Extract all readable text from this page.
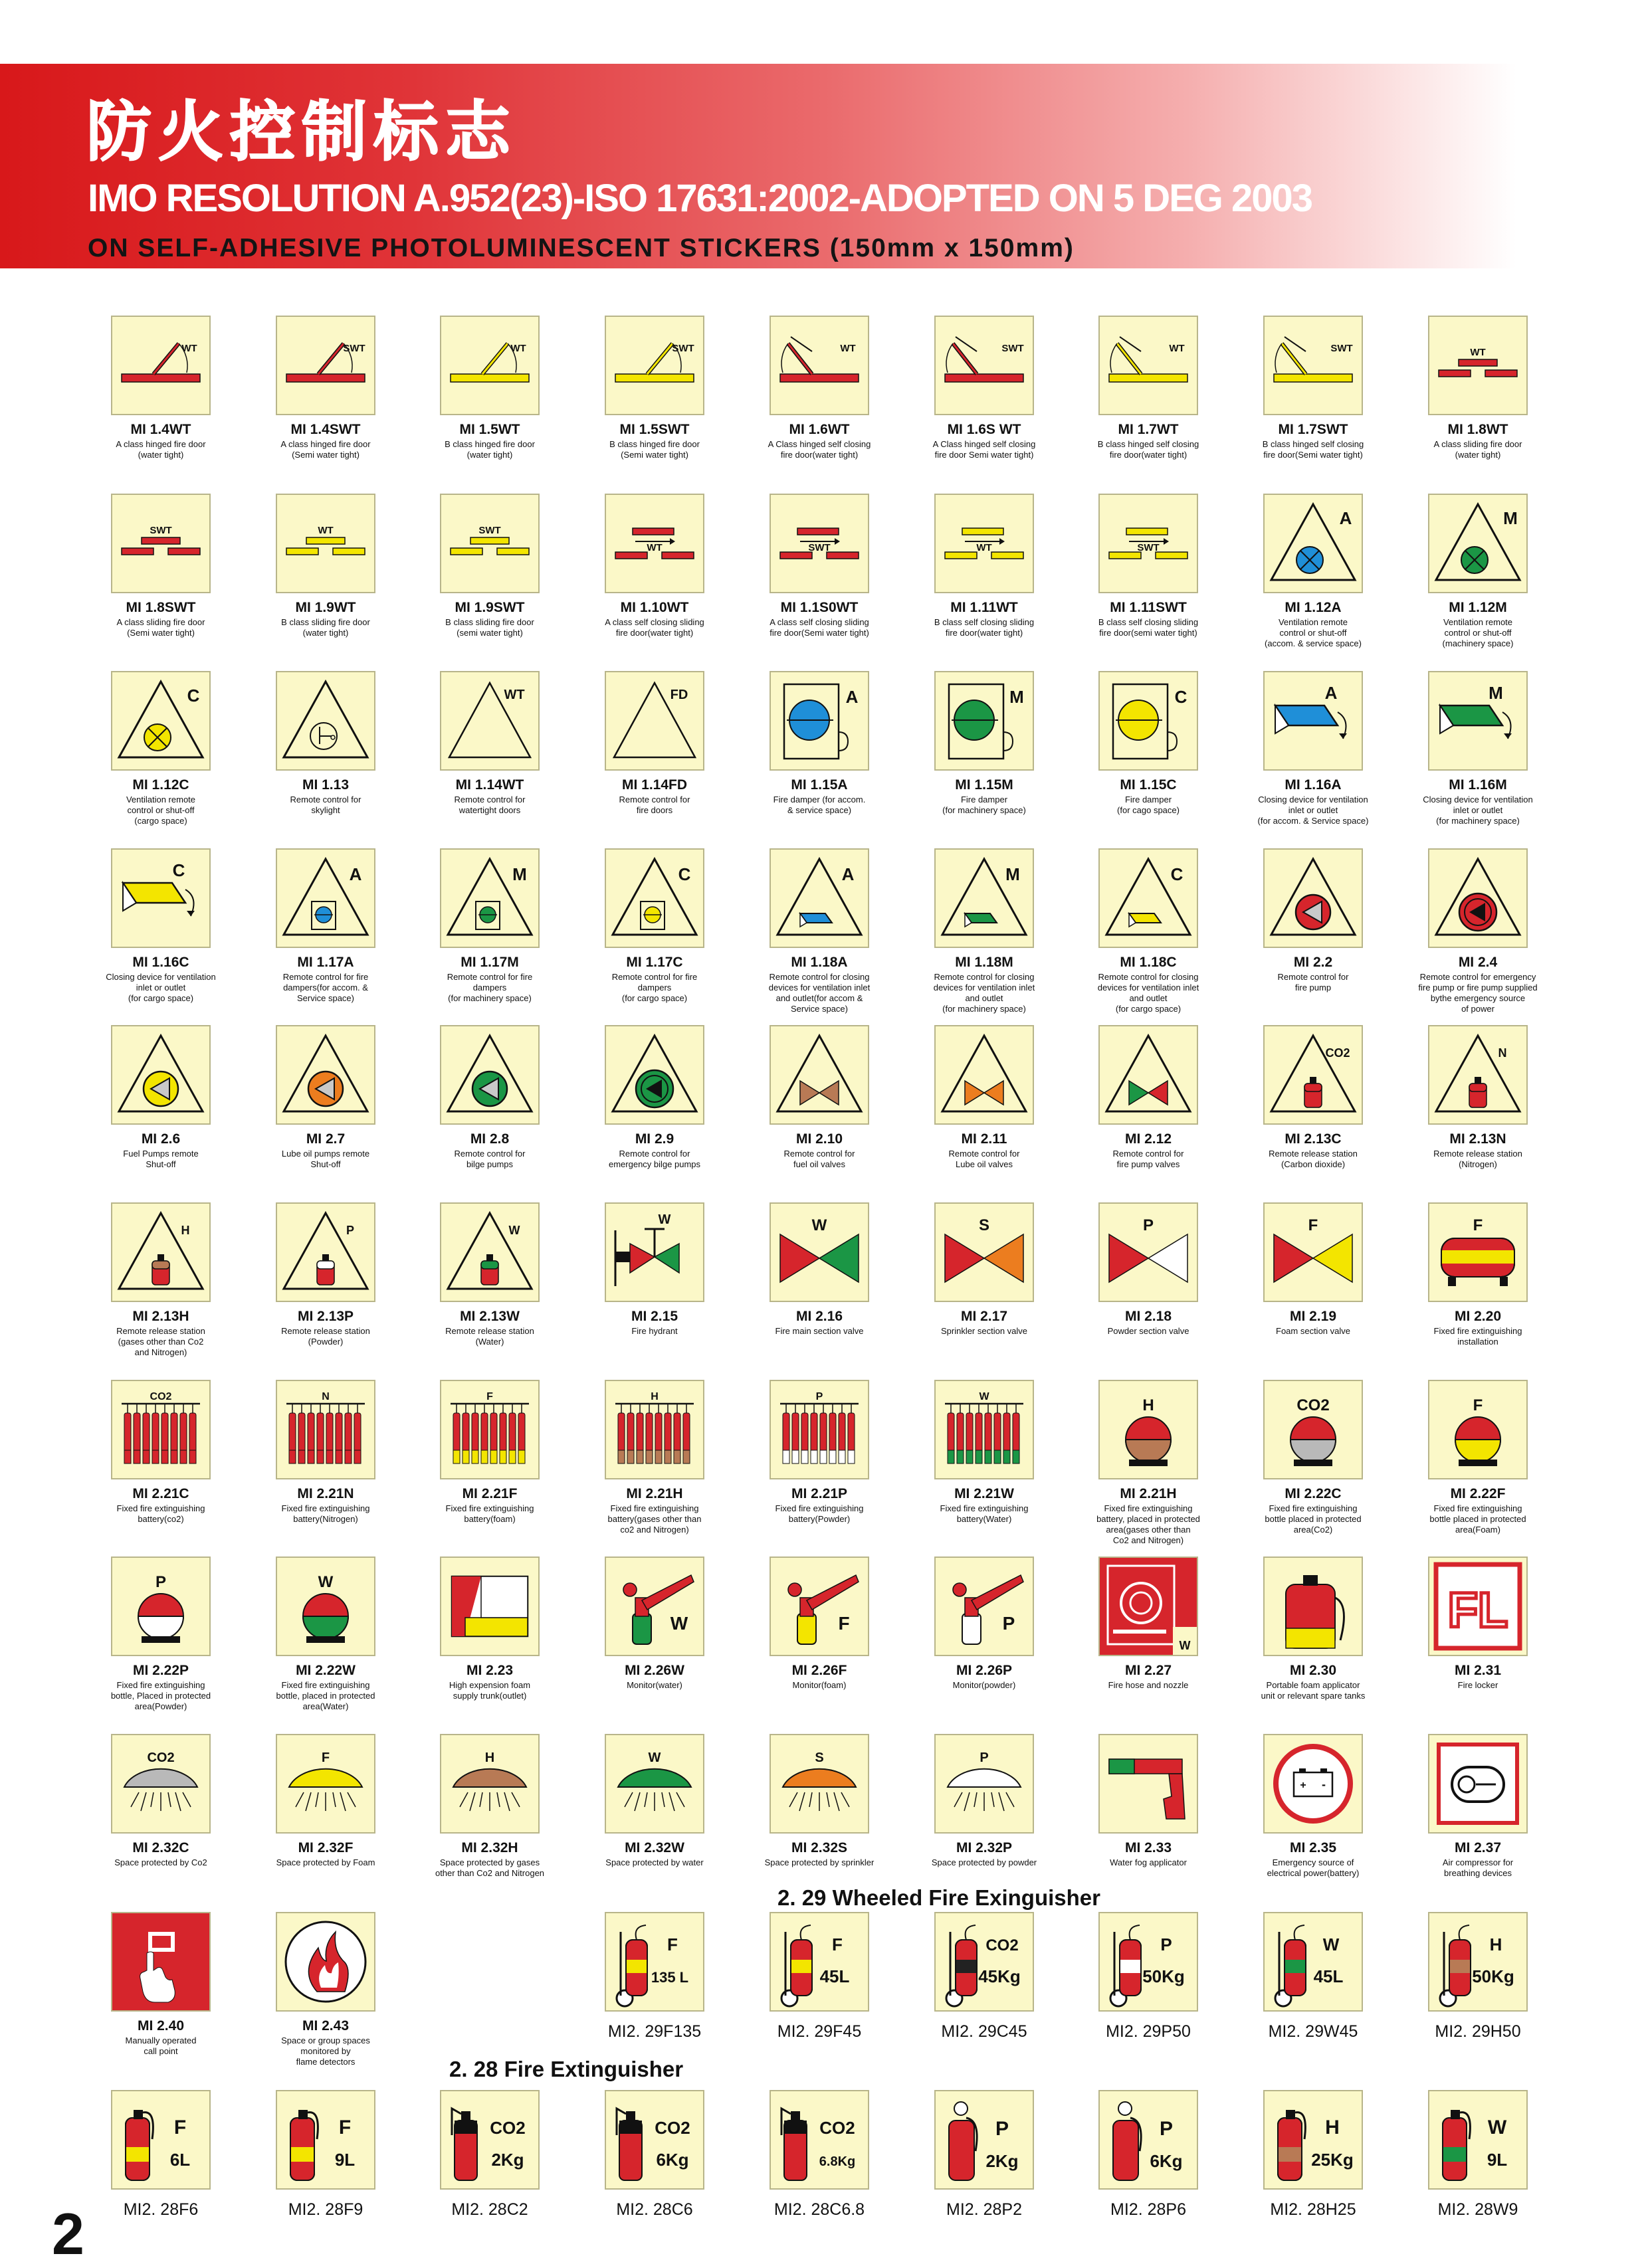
防火控制标志
IMO RESOLUTION A.952(23)-ISO 17631:2002-ADOPTED ON 5 DEG 2003
ON SELF-ADHESIVE PHOTOLUMINESCENT STICKERS (150mm x 150mm)
WT
MI 1.4WT
A class hinged fire door
(water tight)
SWT
MI 1.4SWT
A class hinged fire door
(Semi water tight)
WT
MI 1.5WT
B class hinged fire door
(water tight)
SWT
MI 1.5SWT
B class hinged fire door
(Semi water tight)
WT
MI 1.6WT
A Class hinged self closing
fire door(water tight)
SWT
MI 1.6S WT
A Class hinged self closing
fire door Semi water tight)
WT
MI 1.7WT
B class hinged self closing
fire door(water tight)
SWT
MI 1.7SWT
B class hinged self closing
fire door(Semi water tight)
WT
MI 1.8WT
A class sliding fire door
(water tight)
SWT
MI 1.8SWT
A class sliding fire door
(Semi water tight)
WT
MI 1.9WT
B class sliding fire door
(water tight)
SWT
MI 1.9SWT
B class sliding fire door
(semi water tight)
WT
MI 1.10WT
A class self closing sliding
fire door(water tight)
SWT
MI 1.1S0WT
A class self closing sliding
fire door(Semi water tight)
WT
MI 1.11WT
B class self closing sliding
fire door(water tight)
SWT
MI 1.11SWT
B class self closing sliding
fire door(semi water tight)
A
MI 1.12A
Ventilation remote
control or shut-off
(accom. & service space)
M
MI 1.12M
Ventilation remote
control or shut-off
(machinery space)
C
MI 1.12C
Ventilation remote
control or shut-off
(cargo space)
MI 1.13
Remote control for
skylight
WT
MI 1.14WT
Remote control for
watertight doors
FD
MI 1.14FD
Remote control for
fire doors
A
MI 1.15A
Fire damper (for accom.
& service space)
M
MI 1.15M
Fire damper
(for machinery space)
C
MI 1.15C
Fire damper
(for cago space)
A
MI 1.16A
Closing device for ventilation
inlet or outlet
(for accom. & Service space)
M
MI 1.16M
Closing device for ventilation
inlet or outlet
(for machinery space)
C
MI 1.16C
Closing device for ventilation
inlet or outlet
(for cargo space)
A
MI 1.17A
Remote control for fire
dampers(for accom. &
Service space)
M
MI 1.17M
Remote control for fire
dampers
(for machinery space)
C
MI 1.17C
Remote control for fire
dampers
(for cargo space)
A
MI 1.18A
Remote control for closing
devices for ventilation inlet
and outlet(for accom &
Service space)
M
MI 1.18M
Remote control for closing
devices for ventilation inlet
and outlet
(for machinery space)
C
MI 1.18C
Remote control for closing
devices for ventilation inlet
and outlet
(for cargo space)
MI 2.2
Remote control for
fire pump
MI 2.4
Remote control for emergency
fire pump or fire pump supplied
bythe emergency source
of power
MI 2.6
Fuel Pumps remote
Shut-off
MI 2.7
Lube oil pumps remote
Shut-off
MI 2.8
Remote control for
bilge pumps
MI 2.9
Remote control for
emergency bilge pumps
MI 2.10
Remote control for
fuel oil valves
MI 2.11
Remote control for
Lube oil valves
MI 2.12
Remote control for
fire pump valves
CO2
MI 2.13C
Remote release station
(Carbon dioxide)
N
MI 2.13N
Remote release station
(Nitrogen)
H
MI 2.13H
Remote release station
(gases other than Co2
and Nitrogen)
P
MI 2.13P
Remote release station
(Powder)
W
MI 2.13W
Remote release station
(Water)
W
MI 2.15
Fire hydrant
W
MI 2.16
Fire main section valve
S
MI 2.17
Sprinkler section valve
P
MI 2.18
Powder section valve
F
MI 2.19
Foam section valve
F
MI 2.20
Fixed fire extinguishing
installation
CO2
MI 2.21C
Fixed fire extinguishing
battery(co2)
N
MI 2.21N
Fixed fire extinguishing
battery(Nitrogen)
F
MI 2.21F
Fixed fire extinguishing
battery(foam)
H
MI 2.21H
Fixed fire extinguishing
battery(gases other than
co2 and Nitrogen)
P
MI 2.21P
Fixed fire extinguishing
battery(Powder)
W
MI 2.21W
Fixed fire extinguishing
battery(Water)
H
MI 2.21H
Fixed fire extinguishing
battery, placed in protected
area(gases other than
Co2 and Nitrogen)
CO2
MI 2.22C
Fixed fire extinguishing
bottle placed in protected
area(Co2)
F
MI 2.22F
Fixed fire extinguishing
bottle placed in protected
area(Foam)
P
MI 2.22P
Fixed fire extinguishing
bottle, Placed in protected
area(Powder)
W
MI 2.22W
Fixed fire extinguishing
bottle, placed in protected
area(Water)
MI 2.23
High expension foam
supply trunk(outlet)
W
MI 2.26W
Monitor(water)
F
MI 2.26F
Monitor(foam)
P
MI 2.26P
Monitor(powder)
W
MI 2.27
Fire hose and nozzle
MI 2.30
Portable foam applicator
unit or relevant spare tanks
FL
MI 2.31
Fire locker
CO2
MI 2.32C
Space protected by Co2
F
MI 2.32F
Space protected by Foam
H
MI 2.32H
Space protected by gases
other than Co2 and Nitrogen
W
MI 2.32W
Space protected by water
S
MI 2.32S
Space protected by sprinkler
P
MI 2.32P
Space protected by powder
MI 2.33
Water fog applicator
+ -
MI 2.35
Emergency source of
electrical power(battery)
MI 2.37
Air compressor for
breathing devices
MI 2.40
Manually operated
call point
MI 2.43
Space or group spaces
monitored by
flame detectors
F
135 L
MI2. 29F135
F
45L
MI2. 29F45
CO2
45Kg
MI2. 29C45
P
50Kg
MI2. 29P50
W
45L
MI2. 29W45
H
50Kg
MI2. 29H50
F
6L
MI2. 28F6
F
9L
MI2. 28F9
CO2
2Kg
MI2. 28C2
CO2
6Kg
MI2. 28C6
CO2
6.8Kg
MI2. 28C6.8
P
2Kg
MI2. 28P2
P
6Kg
MI2. 28P6
H
25Kg
MI2. 28H25
W
9L
MI2. 28W9
2. 29 Wheeled Fire Exinguisher
2. 28 Fire Extinguisher
2
